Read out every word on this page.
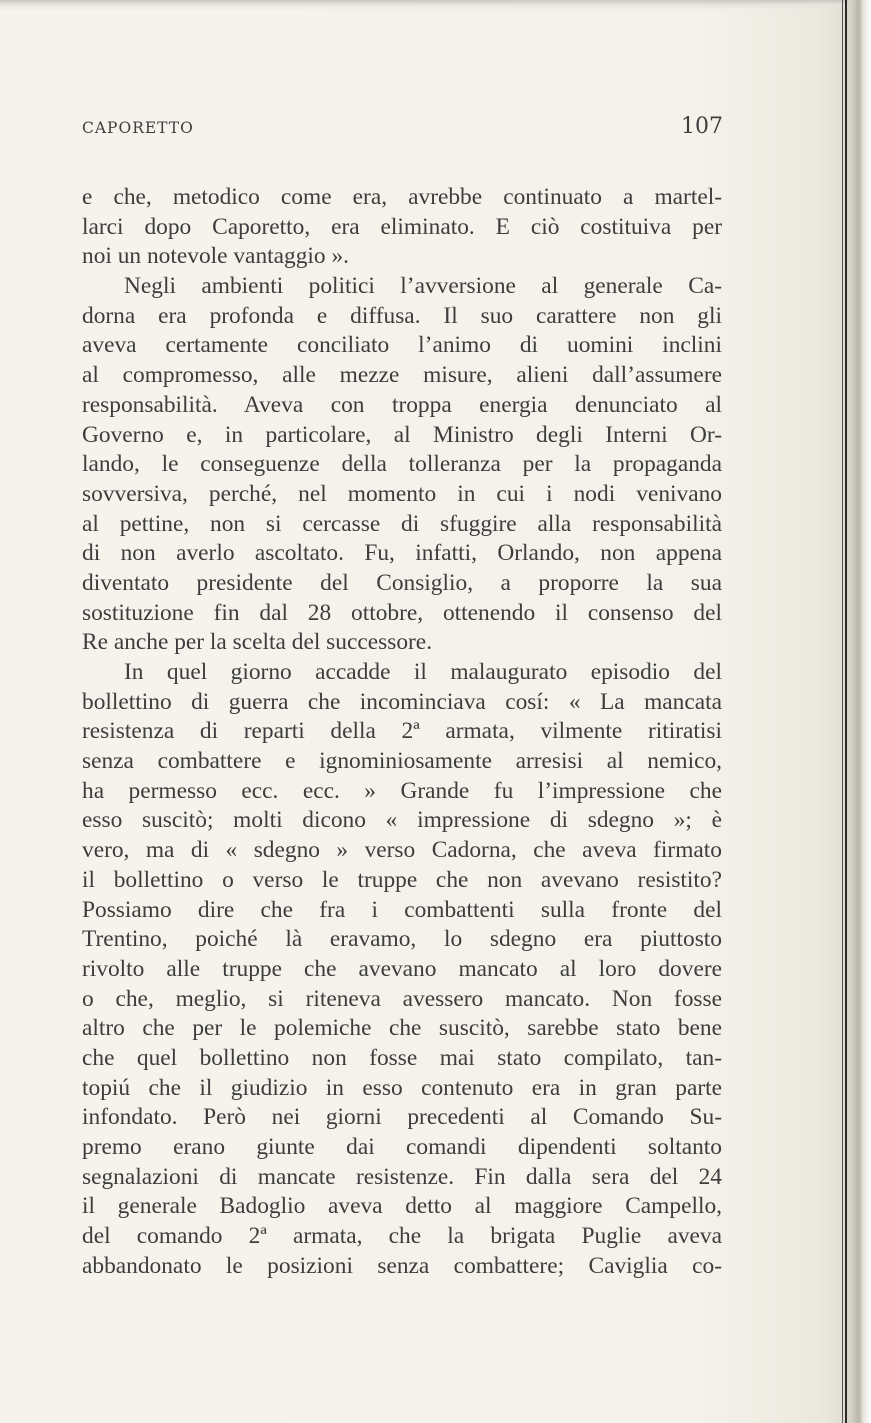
CAPORETTO	107
e che, metodico come era, avrebbe continuato a martel-
larci dopo Caporetto, era eliminato. E ciò costituiva per
noi un notevole vantaggio ».
Negli ambienti politici l’avversione al generale Ca-
dorna era profonda e diffusa. Il suo carattere non gli
aveva certamente conciliato l’animo di uomini inclini
al compromesso, alle mezze misure, alieni dall’assumere
responsabilità. Aveva con troppa energia denunciato al
Governo e, in particolare, al Ministro degli Interni Or-
lando, le conseguenze della tolleranza per la propaganda
sovversiva, perché, nel momento in cui i nodi venivano
al pettine, non si cercasse di sfuggire alla responsabilità
di non averlo ascoltato. Fu, infatti, Orlando, non appena
diventato presidente del Consiglio, a proporre la sua
sostituzione fin dal 28 ottobre, ottenendo il consenso del
Re anche per la scelta del successore.
In quel giorno accadde il malaugurato episodio del
bollettino di guerra che incominciava cosí: « La mancata
resistenza di reparti della 2ª armata, vilmente ritiratisi
senza combattere e ignominiosamente arresisi al nemico,
ha permesso ecc. ecc. » Grande fu l’impressione che
esso suscitò; molti dicono « impressione di sdegno »; è
vero, ma di « sdegno » verso Cadorna, che aveva firmato
il bollettino o verso le truppe che non avevano resistito?
Possiamo dire che fra i combattenti sulla fronte del
Trentino, poiché là eravamo, lo sdegno era piuttosto
rivolto alle truppe che avevano mancato al loro dovere
o che, meglio, si riteneva avessero mancato. Non fosse
altro che per le polemiche che suscitò, sarebbe stato bene
che quel bollettino non fosse mai stato compilato, tan-
topiú che il giudizio in esso contenuto era in gran parte
infondato. Però nei giorni precedenti al Comando Su-
premo erano giunte dai comandi dipendenti soltanto
segnalazioni di mancate resistenze. Fin dalla sera del 24
il generale Badoglio aveva detto al maggiore Campello,
del comando 2ª armata, che la brigata Puglie aveva
abbandonato le posizioni senza combattere; Caviglia co-
